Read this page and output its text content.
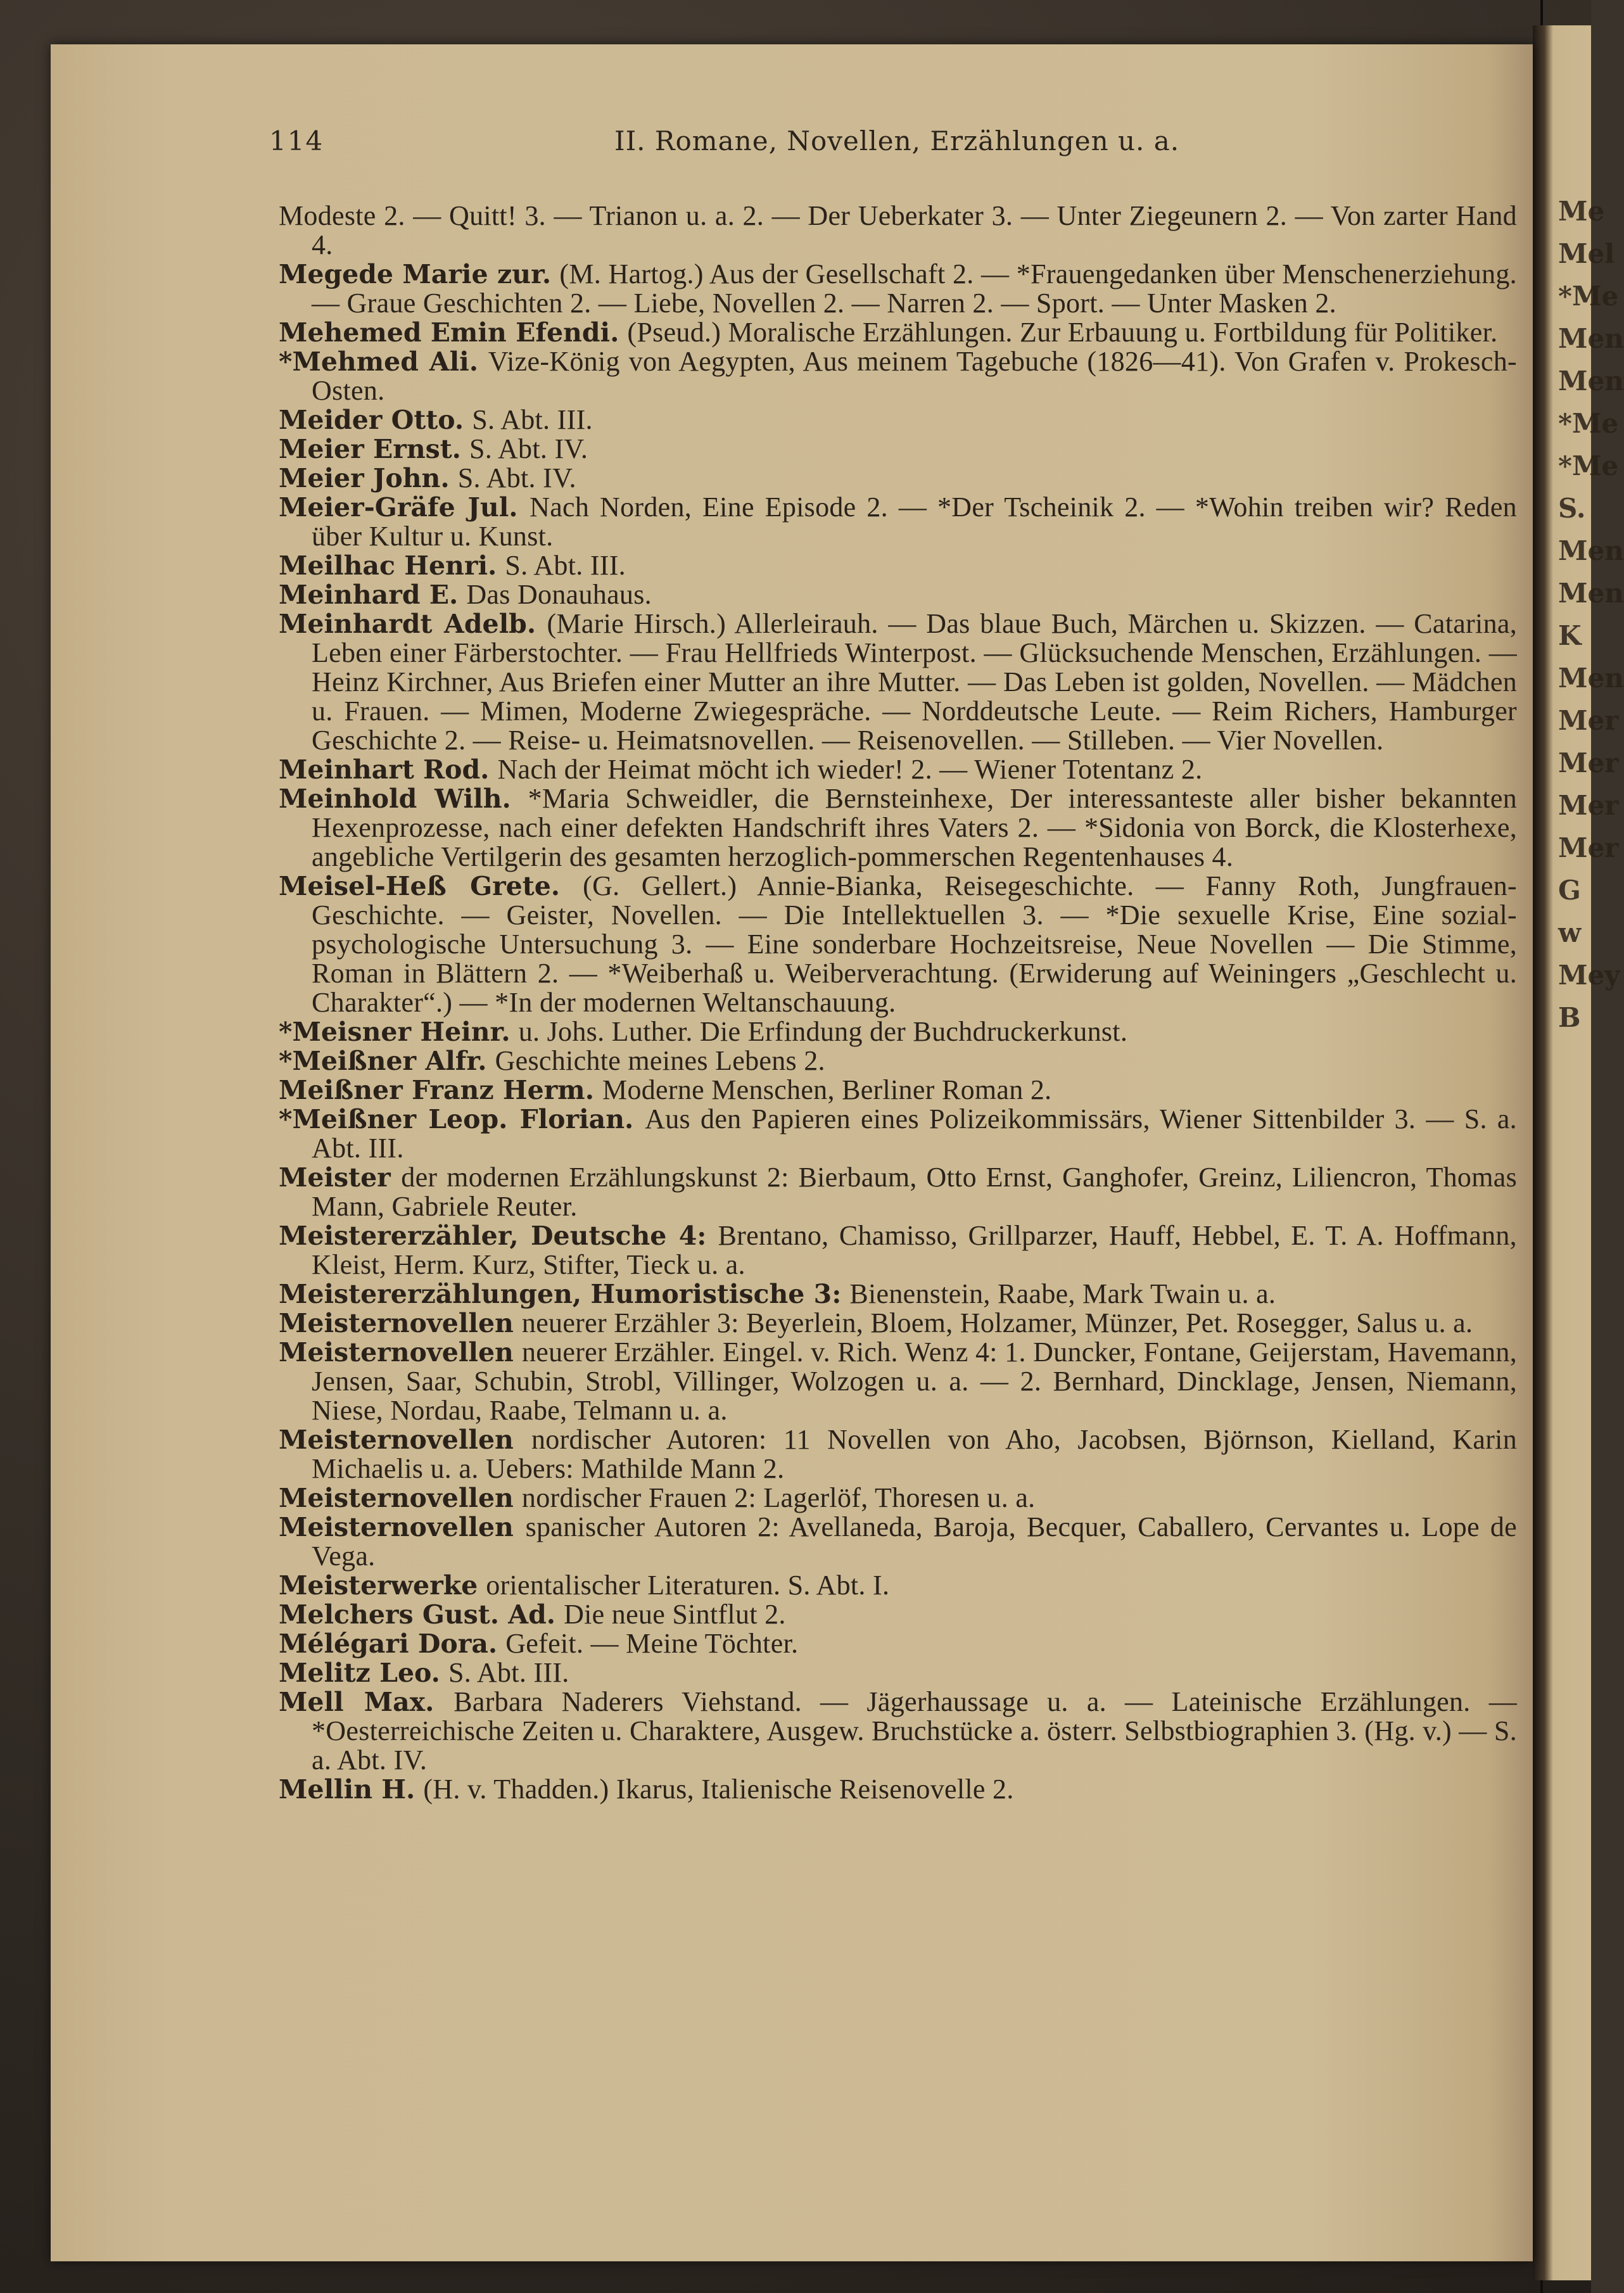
Me
Mel
*Me
Men
Men
*Me
*Me
S.
Men
Men
K
Men
Mer
Mer
Mer
Mer
G
w
Mey
B
114	II. Romane, Novellen, Erzählungen u. a.

Modeste 2. — Quitt! 3. — Trianon u. a. 2. — Der Ueberkater 3. — Unter Ziegeunern 2. — Von zarter Hand 4.

Megede Marie zur. (M. Hartog.) Aus der Gesellschaft 2. — *Frauengedanken über Menschenerziehung. — Graue Geschichten 2. — Liebe, Novellen 2. — Narren 2. — Sport. — Unter Masken 2.

Mehemed Emin Efendi. (Pseud.) Moralische Erzählungen. Zur Erbauung u. Fortbildung für Politiker.

*Mehmed Ali. Vize-König von Aegypten, Aus meinem Tagebuche (1826—41). Von Grafen v. Prokesch-Osten.

Meider Otto. S. Abt. III.

Meier Ernst. S. Abt. IV.

Meier John. S. Abt. IV.

Meier-Gräfe Jul. Nach Norden, Eine Episode 2. — *Der Tscheinik 2. — *Wohin treiben wir? Reden über Kultur u. Kunst.

Meilhac Henri. S. Abt. III.

Meinhard E. Das Donauhaus.

Meinhardt Adelb. (Marie Hirsch.) Allerleirauh. — Das blaue Buch, Märchen u. Skizzen. — Catarina, Leben einer Färberstochter. — Frau Hellfrieds Winterpost. — Glücksuchende Menschen, Erzählungen. — Heinz Kirchner, Aus Briefen einer Mutter an ihre Mutter. — Das Leben ist golden, Novellen. — Mädchen u. Frauen. — Mimen, Moderne Zwiegespräche. — Norddeutsche Leute. — Reim Richers, Hamburger Geschichte 2. — Reise- u. Heimatsnovellen. — Reisenovellen. — Stilleben. — Vier Novellen.

Meinhart Rod. Nach der Heimat möcht ich wieder! 2. — Wiener Totentanz 2.

Meinhold Wilh. *Maria Schweidler, die Bernsteinhexe, Der interessanteste aller bisher bekannten Hexenprozesse, nach einer defekten Handschrift ihres Vaters 2. — *Sidonia von Borck, die Klosterhexe, angebliche Vertilgerin des gesamten herzoglich-pommerschen Regentenhauses 4.

Meisel-Heß Grete. (G. Gellert.) Annie-Bianka, Reisegeschichte. — Fanny Roth, Jungfrauen-Geschichte. — Geister, Novellen. — Die Intellektuellen 3. — *Die sexuelle Krise, Eine sozial-psychologische Untersuchung 3. — Eine sonderbare Hochzeitsreise, Neue Novellen — Die Stimme, Roman in Blättern 2. — *Weiberhaß u. Weiberverachtung. (Erwiderung auf Weiningers „Geschlecht u. Charakter“.) — *In der modernen Weltanschauung.

*Meisner Heinr. u. Johs. Luther. Die Erfindung der Buchdruckerkunst.

*Meißner Alfr. Geschichte meines Lebens 2.

Meißner Franz Herm. Moderne Menschen, Berliner Roman 2.

*Meißner Leop. Florian. Aus den Papieren eines Polizeikommissärs, Wiener Sittenbilder 3. — S. a. Abt. III.

Meister der modernen Erzählungskunst 2: Bierbaum, Otto Ernst, Ganghofer, Greinz, Liliencron, Thomas Mann, Gabriele Reuter.

Meistererzähler, Deutsche 4: Brentano, Chamisso, Grillparzer, Hauff, Hebbel, E. T. A. Hoffmann, Kleist, Herm. Kurz, Stifter, Tieck u. a.

Meistererzählungen, Humoristische 3: Bienenstein, Raabe, Mark Twain u. a.

Meisternovellen neuerer Erzähler 3: Beyerlein, Bloem, Holzamer, Münzer, Pet. Rosegger, Salus u. a.

Meisternovellen neuerer Erzähler. Eingel. v. Rich. Wenz 4: 1. Duncker, Fontane, Geijerstam, Havemann, Jensen, Saar, Schubin, Strobl, Villinger, Wolzogen u. a. — 2. Bernhard, Dincklage, Jensen, Niemann, Niese, Nordau, Raabe, Telmann u. a.

Meisternovellen nordischer Autoren: 11 Novellen von Aho, Jacobsen, Björnson, Kielland, Karin Michaelis u. a. Uebers: Mathilde Mann 2.

Meisternovellen nordischer Frauen 2: Lagerlöf, Thoresen u. a.

Meisternovellen spanischer Autoren 2: Avellaneda, Baroja, Becquer, Caballero, Cervantes u. Lope de Vega.

Meisterwerke orientalischer Literaturen. S. Abt. I.

Melchers Gust. Ad. Die neue Sintflut 2.

Mélégari Dora. Gefeit. — Meine Töchter.

Melitz Leo. S. Abt. III.

Mell Max. Barbara Naderers Viehstand. — Jägerhaussage u. a. — Lateinische Erzählungen. — *Oesterreichische Zeiten u. Charaktere, Ausgew. Bruchstücke a. österr. Selbstbiographien 3. (Hg. v.) — S. a. Abt. IV.

Mellin H. (H. v. Thadden.) Ikarus, Italienische Reisenovelle 2.
